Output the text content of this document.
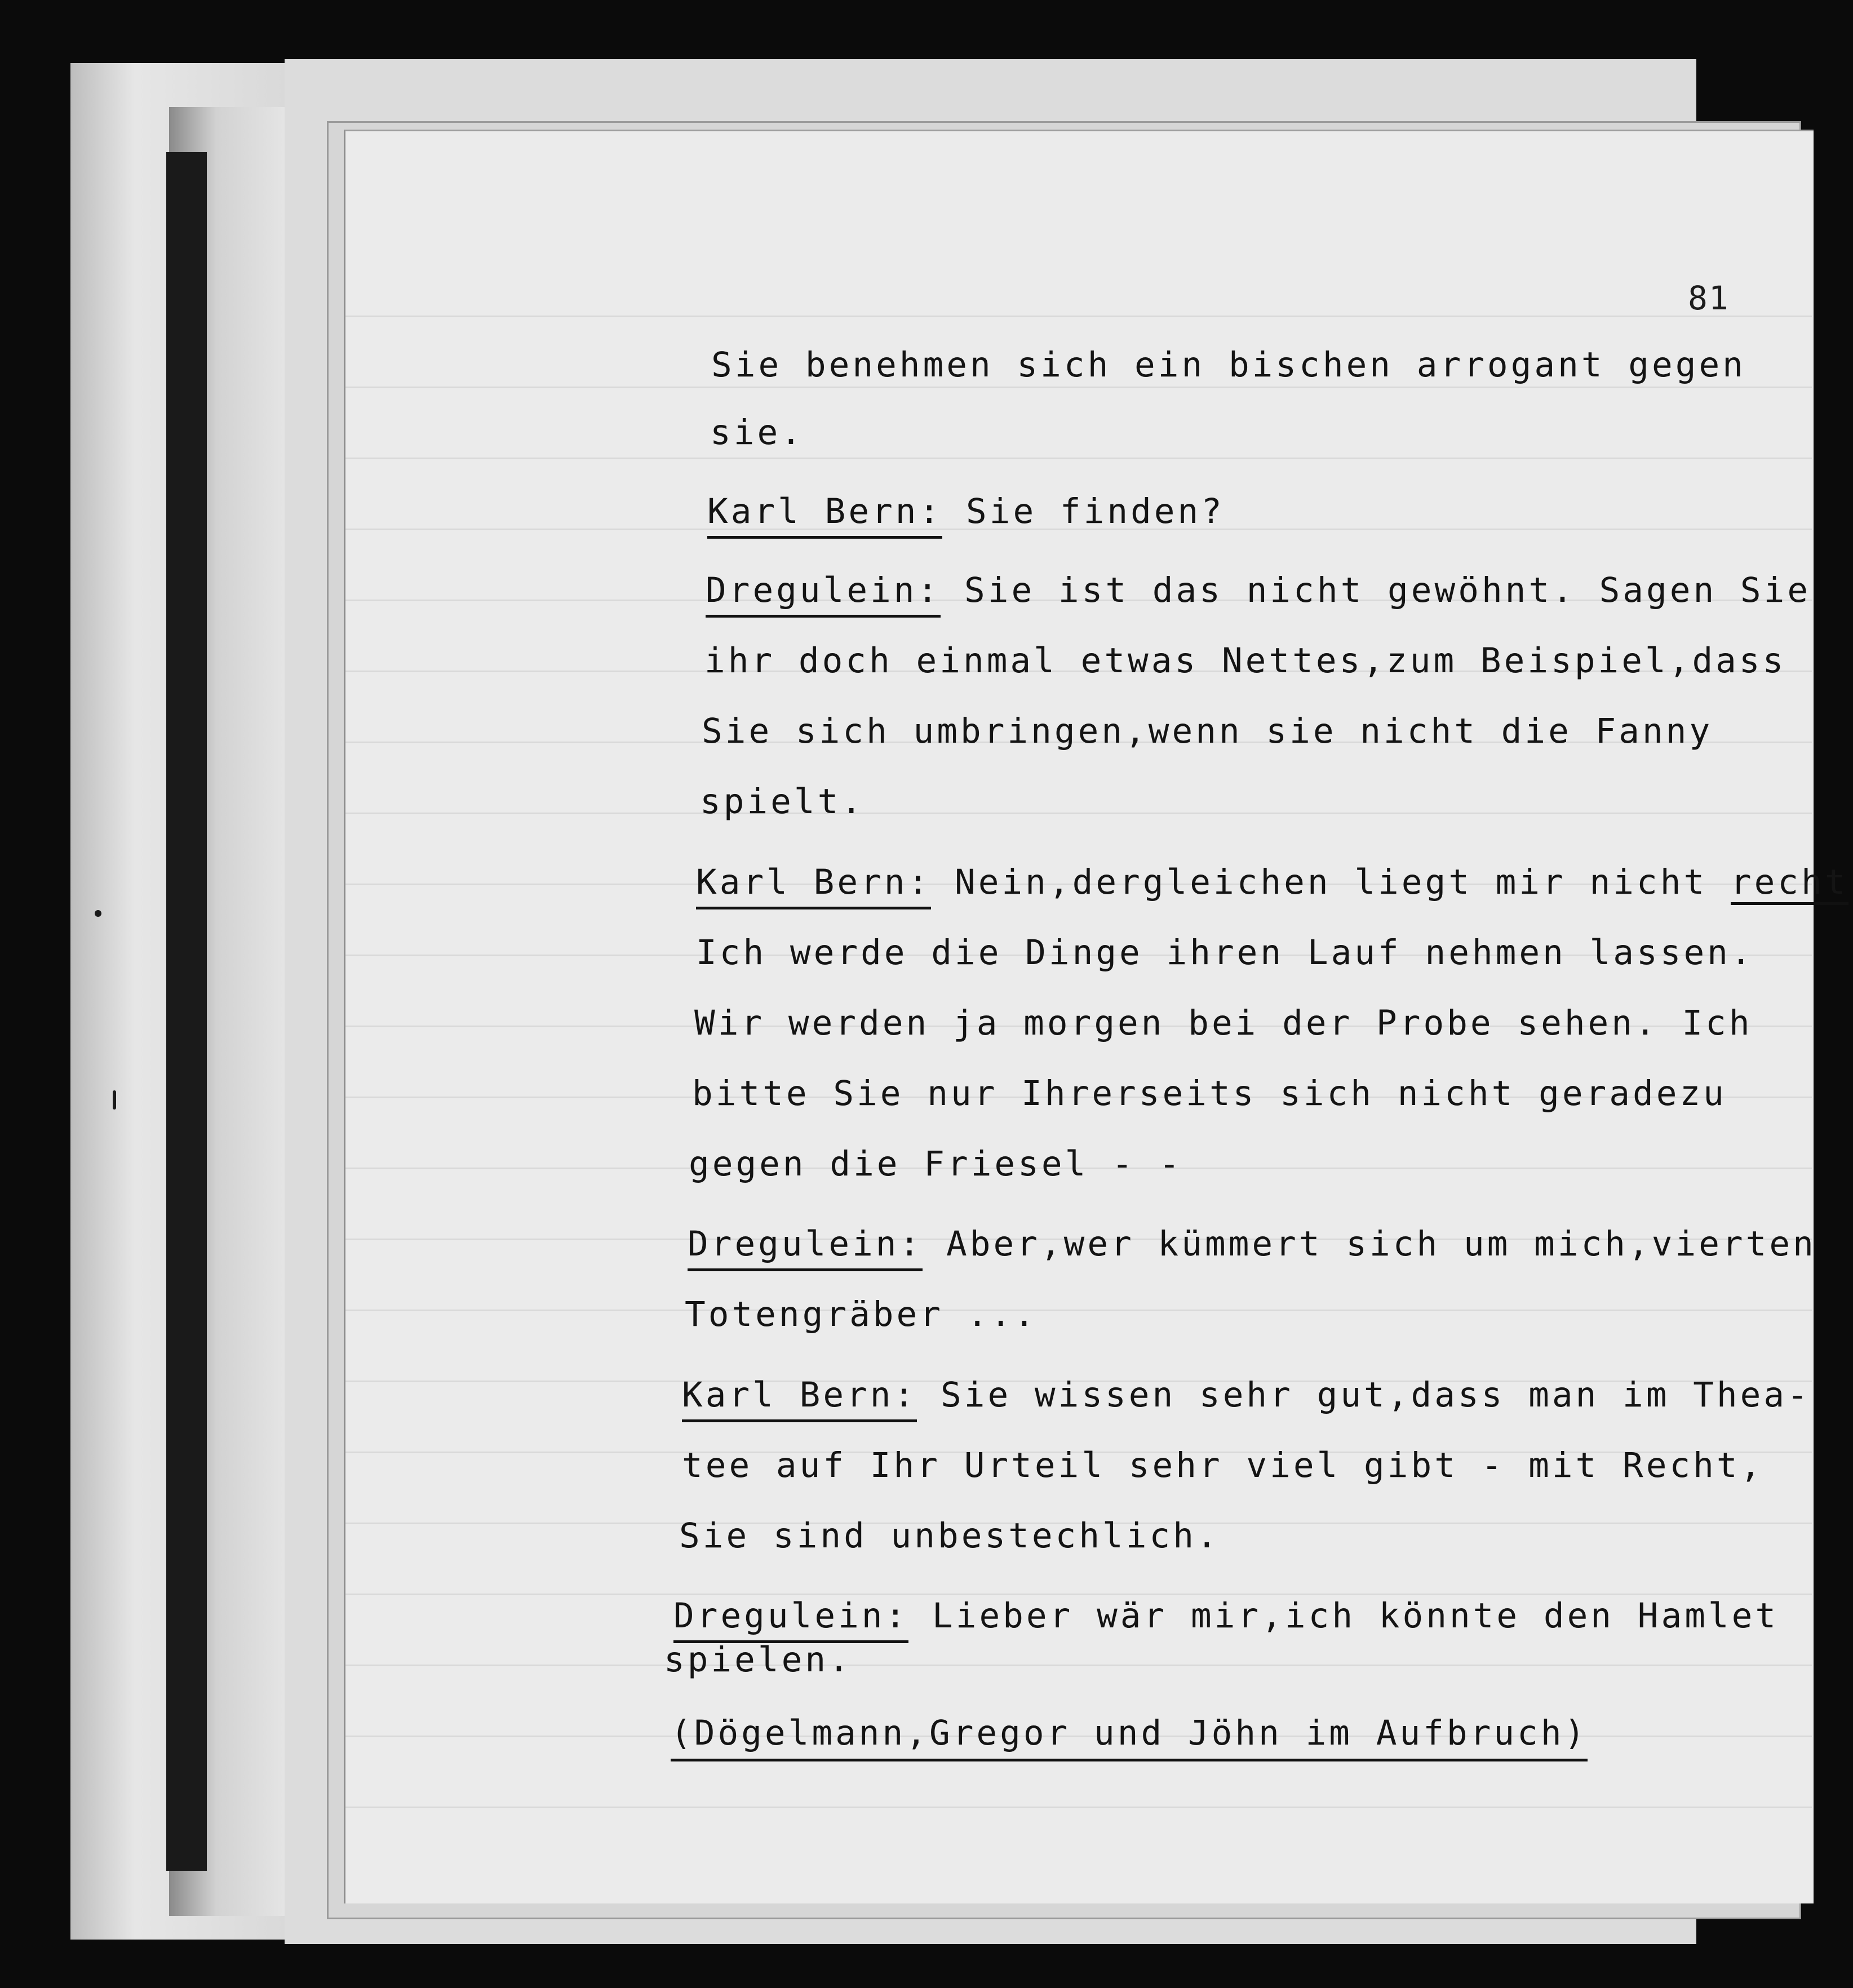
81
Sie benehmen sich ein bischen arrogant gegen
sie.
Karl Bern: Sie finden?
Dregulein: Sie ist das nicht gewöhnt. Sagen Sie
ihr doch einmal etwas Nettes,zum Beispiel,dass
Sie sich umbringen,wenn sie nicht die Fanny
spielt.
Karl Bern: Nein,dergleichen liegt mir nicht recht
Ich werde die Dinge ihren Lauf nehmen lassen.
Wir werden ja morgen bei der Probe sehen. Ich
bitte Sie nur Ihrerseits sich nicht geradezu
gegen die Friesel - -
Dregulein: Aber,wer kümmert sich um mich,vierten
Totengräber ...
Karl Bern: Sie wissen sehr gut,dass man im Thea-
tee auf Ihr Urteil sehr viel gibt - mit Recht,
Sie sind unbestechlich.
Dregulein: Lieber wär mir,ich könnte den Hamlet
spielen.
(Dögelmann,Gregor und Jöhn im Aufbruch)
